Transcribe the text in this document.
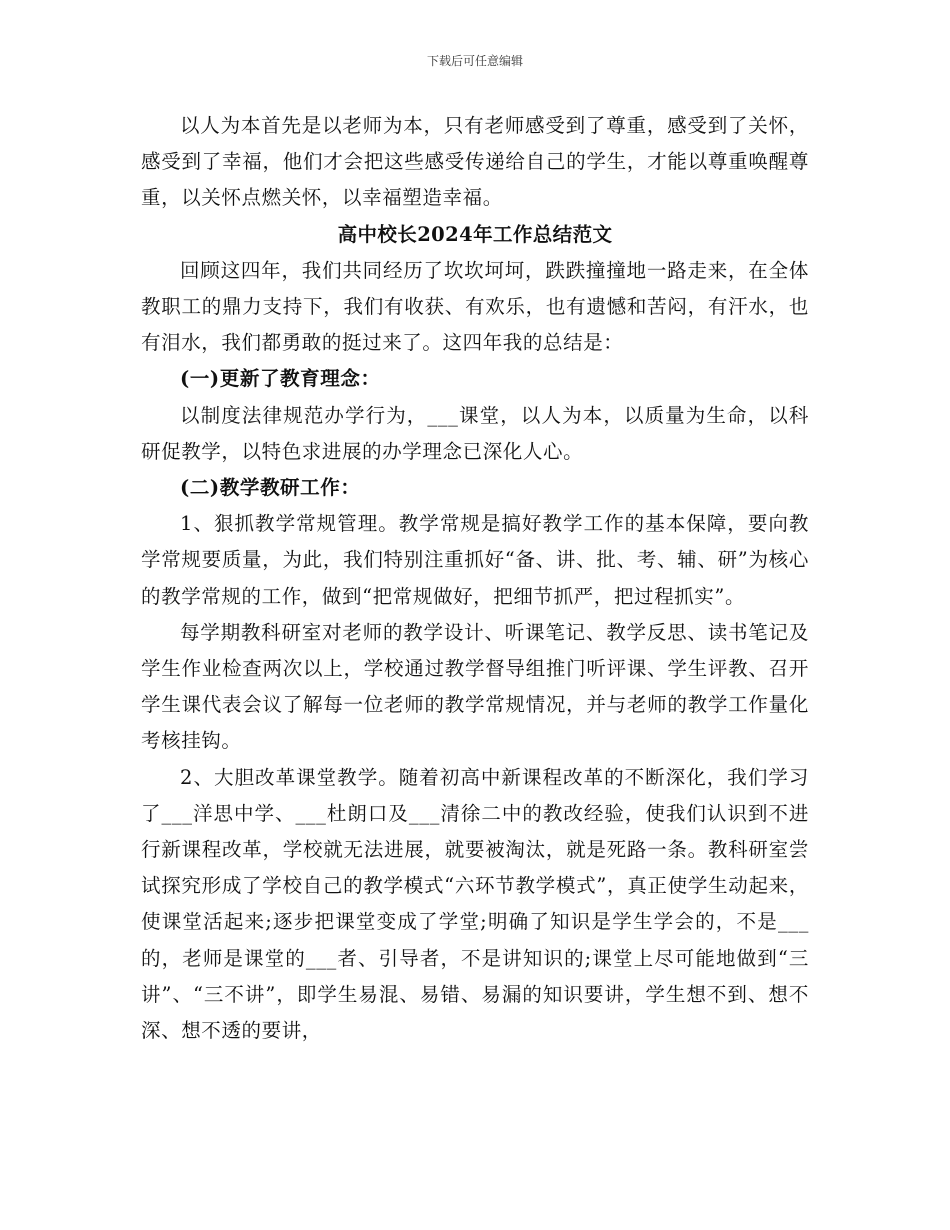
下载后可任意编辑

以人为本首先是以老师为本，只有老师感受到了尊重，感受到了关怀，感受到了幸福，他们才会把这些感受传递给自己的学生，才能以尊重唤醒尊重，以关怀点燃关怀，以幸福塑造幸福。

高中校长2024年工作总结范文

回顾这四年，我们共同经历了坎坎坷坷，跌跌撞撞地一路走来，在全体教职工的鼎力支持下，我们有收获、有欢乐，也有遗憾和苦闷，有汗水，也有泪水，我们都勇敢的挺过来了。这四年我的总结是：

(一)更新了教育理念：

以制度法律规范办学行为，___课堂，以人为本，以质量为生命，以科研促教学，以特色求进展的办学理念已深化人心。

(二)教学教研工作：

1、狠抓教学常规管理。教学常规是搞好教学工作的基本保障，要向教学常规要质量，为此，我们特别注重抓好“备、讲、批、考、辅、研”为核心的教学常规的工作，做到“把常规做好，把细节抓严，把过程抓实”。

每学期教科研室对老师的教学设计、听课笔记、教学反思、读书笔记及学生作业检查两次以上，学校通过教学督导组推门听评课、学生评教、召开学生课代表会议了解每一位老师的教学常规情况，并与老师的教学工作量化考核挂钩。

2、大胆改革课堂教学。随着初高中新课程改革的不断深化，我们学习了___洋思中学、___杜朗口及___清徐二中的教改经验，使我们认识到不进行新课程改革，学校就无法进展，就要被淘汰，就是死路一条。教科研室尝试探究形成了学校自己的教学模式“六环节教学模式”，真正使学生动起来，使课堂活起来;逐步把课堂变成了学堂;明确了知识是学生学会的，不是___的，老师是课堂的___者、引导者，不是讲知识的;课堂上尽可能地做到“三讲”、“三不讲”，即学生易混、易错、易漏的知识要讲，学生想不到、想不深、想不透的要讲，
